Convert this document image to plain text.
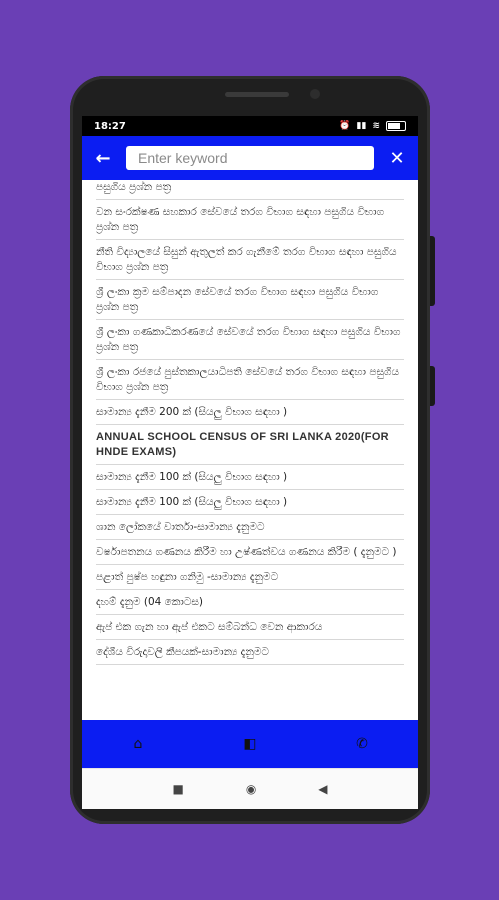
18:27	⏰ ▮▮ ≋
←
Enter keyword	✕
පසුගිය ප්‍රශ්න පත්‍ර
වන සංරක්ෂණ සහකාර සේවයේ තරග විභාග සඳහා පසුගිය විභාග ප්‍රශ්න පත්‍ර
නීති විද්‍යාලයේ සිසුන් ඇතුලත් කර ගැනීමේ තරග විභාග සඳහා පසුගිය විභාග ප්‍රශ්න පත්‍ර
ශ්‍රී ලංකා ක්‍රම සම්පාදන සේවයේ තරග විභාග සඳහා පසුගිය විභාග ප්‍රශ්න පත්‍ර
ශ්‍රී ලංකා ගණකාධිකරණයේ සේවයේ තරග විභාග සඳහා පසුගිය විභාග ප්‍රශ්න පත්‍ර
ශ්‍රී ලංකා රජයේ පුස්තකාලයාධිපති සේවයේ තරග විභාග සඳහා පසුගිය විභාග ප්‍රශ්න පත්‍ර
සාමාන්‍ය දැනීම 200 ක් (සියලු විභාග සඳහා )
ANNUAL SCHOOL CENSUS OF SRI LANKA 2020(FOR HNDE EXAMS)
සාමාන්‍ය දැනීම 100 ක් (සියලු විභාග සඳහා )
සාමාන්‍ය දැනීම 100 ක් (සියලු විභාග සඳහා )
ශාන ලෝකයේ වාර්තා-සාමාන්‍ය දැනුමට
වර්ෂාපතනය ගණනය කිරීම හා උෂ්ණත්වය ගණනය කිරීම ( දැනුමට )
පළාත් පුෂ්ප හඳුනා ගනිමු -සාමාන්‍ය දැනුමට
දහම් දැනුම (04 කොටස)
ඇප් එක ගැන හා ඇප් එකට සම්බන්ධ වෙන ආකාරය
දේශීය විරුදාවලි කීපයක්-සාමාන්‍ය දැනුමට
⌂	◧	✆
■	◉	◀
